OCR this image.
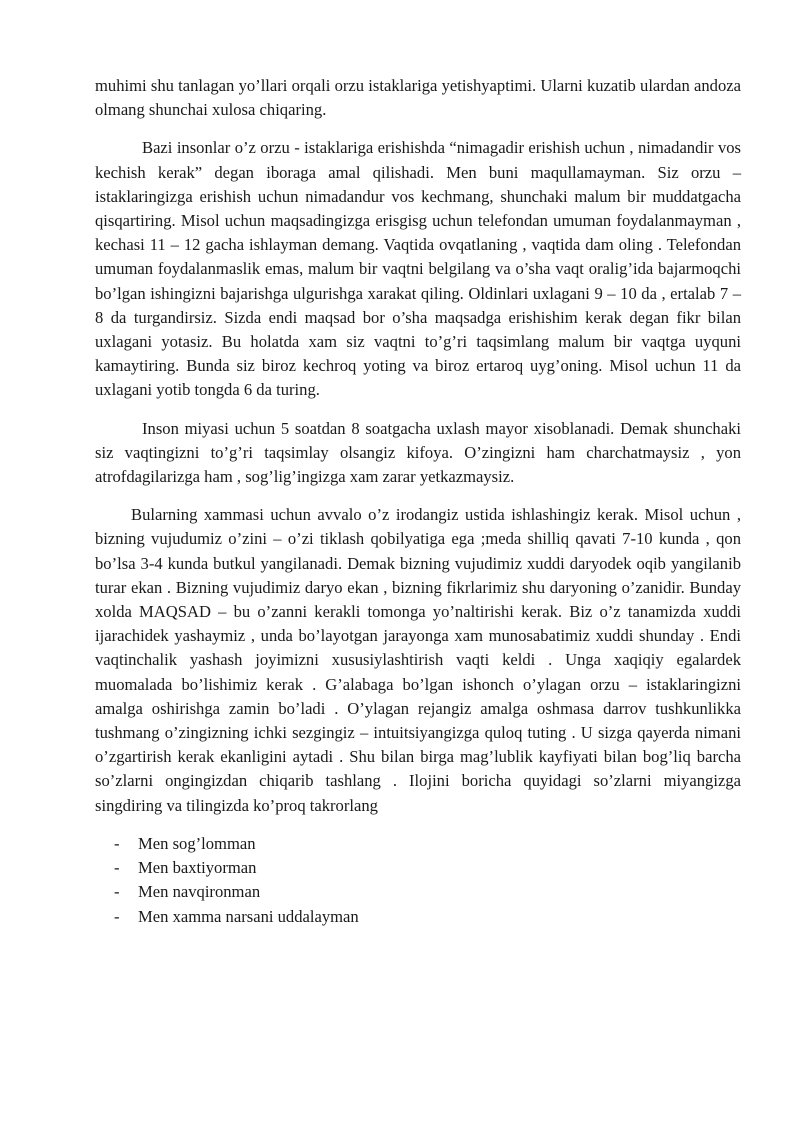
muhimi shu tanlagan yo’llari orqali orzu istaklariga yetishyaptimi. Ularni kuzatib ulardan andoza olmang shunchai xulosa chiqaring.

Bazi insonlar o’z orzu - istaklariga erishishda “nimagadir erishish uchun , nimadandir vos kechish kerak” degan iboraga amal qilishadi. Men buni maqullamayman. Siz orzu – istaklaringizga erishish uchun nimadandur vos kechmang, shunchaki malum bir muddatgacha qisqartiring. Misol uchun maqsadingizga erisgisg uchun telefondan umuman foydalanmayman , kechasi 11 – 12 gacha ishlayman demang. Vaqtida ovqatlaning , vaqtida dam oling . Telefondan umuman foydalanmaslik emas, malum bir vaqtni belgilang va o’sha vaqt oralig’ida bajarmoqchi bo’lgan ishingizni bajarishga ulgurishga xarakat qiling. Oldinlari uxlagani 9 – 10 da , ertalab 7 – 8 da turgandirsiz. Sizda endi maqsad bor o’sha maqsadga erishishim kerak degan fikr bilan uxlagani yotasiz. Bu holatda xam siz vaqtni to’g’ri taqsimlang malum bir vaqtga uyquni kamaytiring. Bunda siz biroz kechroq yoting va biroz ertaroq uyg’oning. Misol uchun 11 da uxlagani yotib tongda 6 da turing.

Inson miyasi uchun 5 soatdan 8 soatgacha uxlash mayor xisoblanadi. Demak shunchaki siz vaqtingizni to’g’ri taqsimlay olsangiz kifoya. O’zingizni ham charchatmaysiz , yon atrofdagilarizga ham , sog’lig’ingizga xam zarar yetkazmaysiz.

Bularning xammasi uchun avvalo o’z irodangiz ustida ishlashingiz kerak. Misol uchun , bizning vujudumiz o’zini – o’zi tiklash qobilyatiga ega ;meda shilliq qavati 7-10 kunda , qon bo’lsa 3-4 kunda butkul yangilanadi. Demak bizning vujudimiz xuddi daryodek oqib yangilanib turar ekan . Bizning vujudimiz daryo ekan , bizning fikrlarimiz shu daryoning o’zanidir. Bunday xolda MAQSAD – bu o’zanni kerakli tomonga yo’naltirishi kerak. Biz o’z tanamizda xuddi ijarachidek yashaymiz , unda bo’layotgan jarayonga xam munosabatimiz xuddi shunday . Endi vaqtinchalik yashash joyimizni xususiylashtirish vaqti keldi . Unga xaqiqiy egalardek muomalada bo’lishimiz kerak . G’alabaga bo’lgan ishonch o’ylagan orzu – istaklaringizni amalga oshirishga zamin bo’ladi . O’ylagan rejangiz amalga oshmasa darrov tushkunlikka tushmang o’zingizning ichki sezgingiz – intuitsiyangizga quloq tuting . U sizga qayerda nimani o’zgartirish kerak ekanligini aytadi . Shu bilan birga mag’lublik kayfiyati bilan bog’liq barcha so’zlarni ongingizdan chiqarib tashlang . Ilojini boricha quyidagi so’zlarni miyangizga singdiring va tilingizda ko’proq takrorlang

-	Men sog’lomman
-	Men baxtiyorman
-	Men navqironman
-	Men xamma narsani uddalayman
